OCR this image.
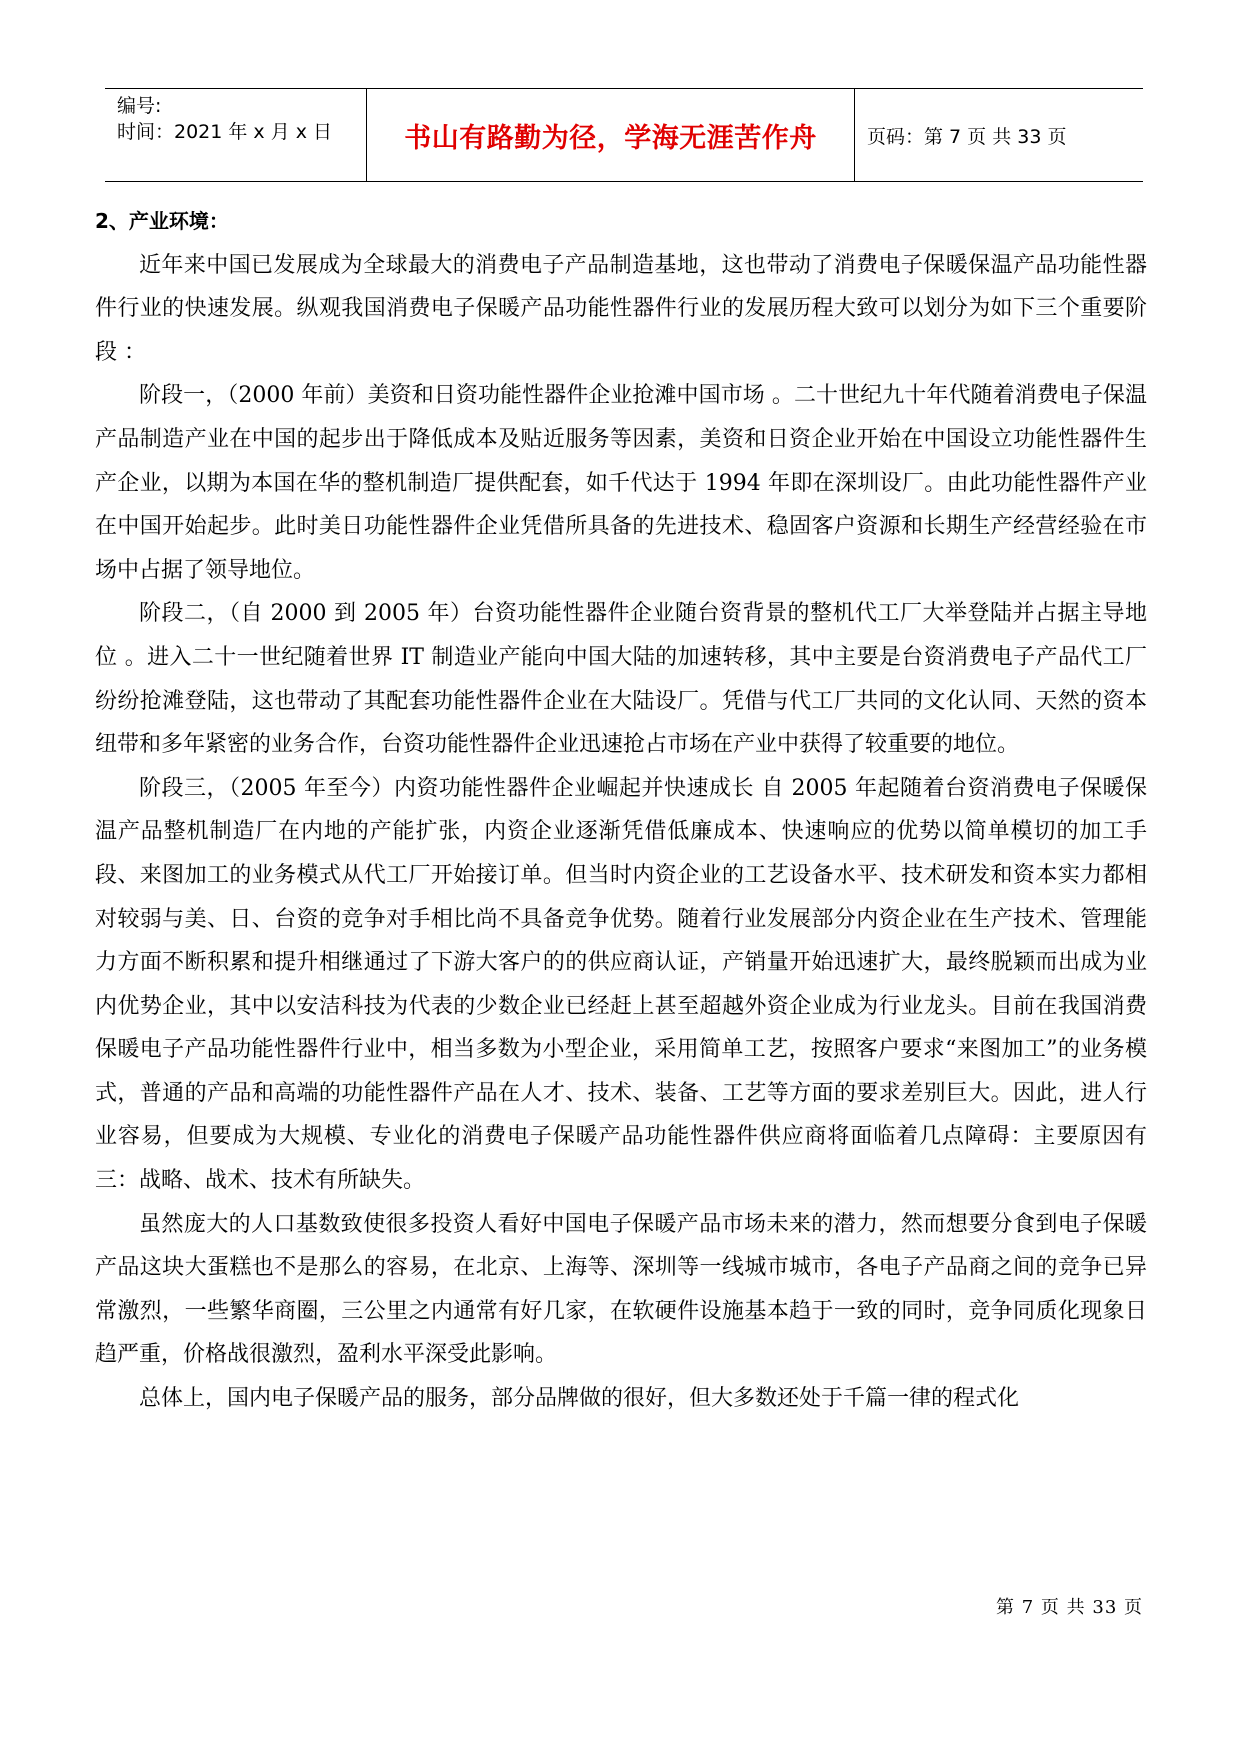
编号:
时间：2021 年 x 月 x 日	书山有路勤为径，学海无涯苦作舟	页码：第 7 页 共 33 页
2、产业环境：

近年来中国已发展成为全球最大的消费电子产品制造基地，这也带动了消费电子保暖保温产品功能性器件行业的快速发展。纵观我国消费电子保暖产品功能性器件行业的发展历程大致可以划分为如下三个重要阶段 ：

阶段一，（2000 年前）美资和日资功能性器件企业抢滩中国市场 。二十世纪九十年代随着消费电子保温产品制造产业在中国的起步出于降低成本及贴近服务等因素，美资和日资企业开始在中国设立功能性器件生产企业，以期为本国在华的整机制造厂提供配套，如千代达于 1994 年即在深圳设厂。由此功能性器件产业在中国开始起步。此时美日功能性器件企业凭借所具备的先进技术、稳固客户资源和长期生产经营经验在市场中占据了领导地位。

阶段二，（自 2000 到 2005 年）台资功能性器件企业随台资背景的整机代工厂大举登陆并占据主导地位 。进入二十一世纪随着世界 IT 制造业产能向中国大陆的加速转移，其中主要是台资消费电子产品代工厂纷纷抢滩登陆，这也带动了其配套功能性器件企业在大陆设厂。凭借与代工厂共同的文化认同、天然的资本纽带和多年紧密的业务合作，台资功能性器件企业迅速抢占市场在产业中获得了较重要的地位。

阶段三，（2005 年至今）内资功能性器件企业崛起并快速成长 自 2005 年起随着台资消费电子保暖保温产品整机制造厂在内地的产能扩张，内资企业逐渐凭借低廉成本、快速响应的优势以简单模切的加工手段、来图加工的业务模式从代工厂开始接订单。但当时内资企业的工艺设备水平、技术研发和资本实力都相对较弱与美、日、台资的竞争对手相比尚不具备竞争优势。随着行业发展部分内资企业在生产技术、管理能力方面不断积累和提升相继通过了下游大客户的的供应商认证，产销量开始迅速扩大，最终脱颖而出成为业内优势企业，其中以安洁科技为代表的少数企业已经赶上甚至超越外资企业成为行业龙头。目前在我国消费保暖电子产品功能性器件行业中，相当多数为小型企业，采用简单工艺，按照客户要求“来图加工”的业务模式，普通的产品和高端的功能性器件产品在人才、技术、装备、工艺等方面的要求差别巨大。因此，进人行业容易，但要成为大规模、专业化的消费电子保暖产品功能性器件供应商将面临着几点障碍：主要原因有三：战略、战术、技术有所缺失。

虽然庞大的人口基数致使很多投资人看好中国电子保暖产品市场未来的潜力，然而想要分食到电子保暖产品这块大蛋糕也不是那么的容易，在北京、上海等、深圳等一线城市城市，各电子产品商之间的竞争已异常激烈，一些繁华商圈，三公里之内通常有好几家，在软硬件设施基本趋于一致的同时，竞争同质化现象日趋严重，价格战很激烈，盈利水平深受此影响。

总体上，国内电子保暖产品的服务，部分品牌做的很好，但大多数还处于千篇一律的程式化

第 7 页 共 33 页
